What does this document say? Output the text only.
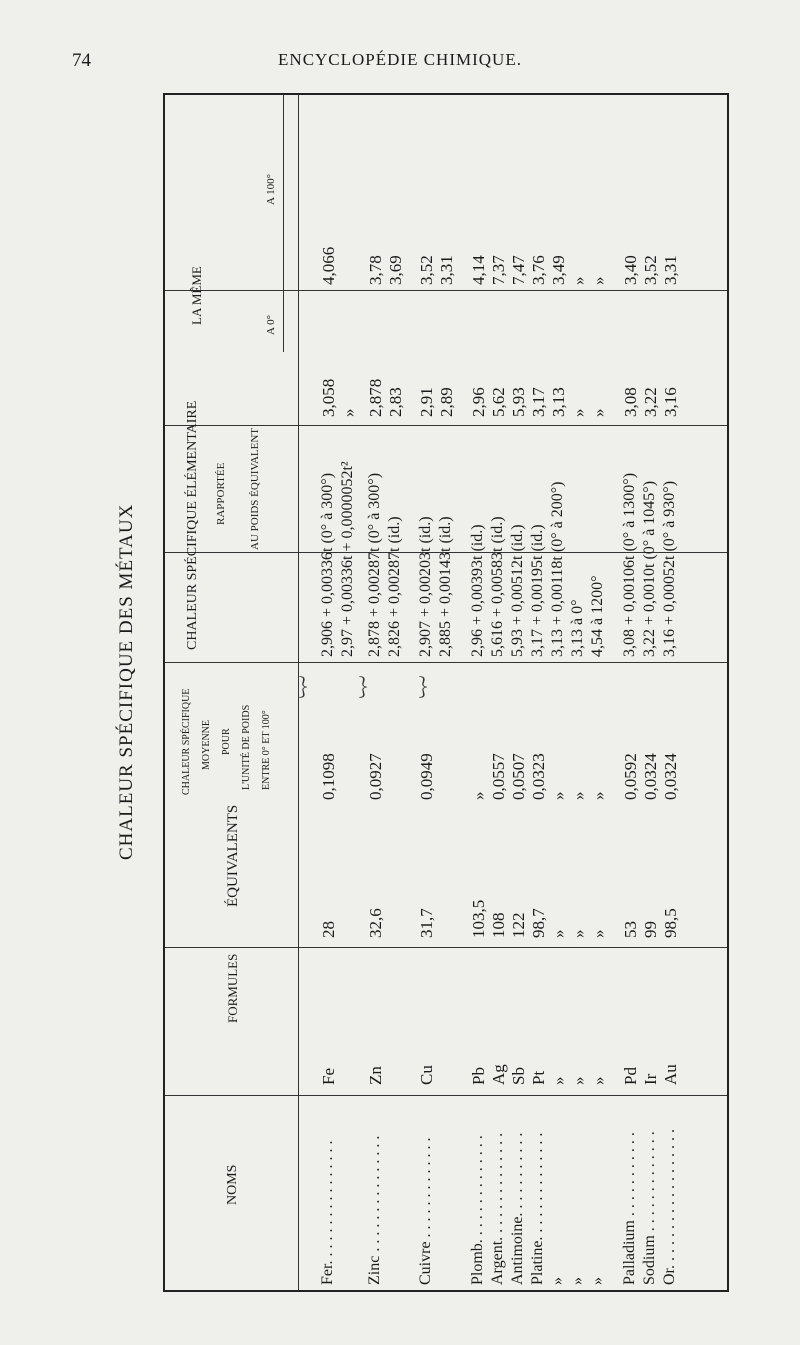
74	ENCYCLOPÉDIE CHIMIQUE.
CHALEUR SPÉCIFIQUE DES MÉTAUX
NOMS
FORMULES
ÉQUIVALENTS
CHALEUR SPÉCIFIQUE MOYENNE POUR L'UNITÉ DE POIDS ENTRE 0° ET 100°
CHALEUR SPÉCIFIQUE ÉLÉMENTAIRE RAPPORTÉE AU POIDS ÉQUIVALENT
LA MÊME	A 0°
A 100°
︸ ︸ ︸
Fer. . . . . . . . . . . . . . . .
Fe
28
0,1098
2,906 + 0,00336t (0° à 300°)
3,058
4,066
2,97 + 0,00336t + 0,0000052t²
»
Zinc . . . . . . . . . . . . . . .
Zn
32,6
0,0927
2,878 + 0,00287t (0° à 300°)
2,878
3,78
2,826 + 0,00287t (id.)
2,83
3,69
Cuivre . . . . . . . . . . . . .
Cu
31,7
0,0949
2,907 + 0,00203t (id.)
2,91
3,52
2,885 + 0,00143t (id.)
2,89
3,31
Plomb. . . . . . . . . . . . . .
Pb
103,5
»
2,96 + 0,00393t (id.)
2,96
4,14
Argent. . . . . . . . . . . . . .
Ag
108
0,0557
5,616 + 0,00583t (id.)
5,62
7,37
Antimoine. . . . . . . . . . .
Sb
122
0,0507
5,93 + 0,00512t (id.)
5,93
7,47
Platine. . . . . . . . . . . . . .
Pt
98,7
0,0323
3,17 + 0,00195t (id.)
3,17
3,76
»
»
»
»
3,13 + 0,00118t (0° à 200°)
3,13
3,49
»
»
»
»
3,13 à 0°
»
»
»
»
»
»
4,54 à 1200°
»
»
Palladium . . . . . . . . . . .
Pd
53
0,0592
3,08 + 0,00106t (0° à 1300°)
3,08
3,40
Sodium . . . . . . . . . . . . .
Ir
99
0,0324
3,22 + 0,0010t (0° à 1045°)
3,22
3,52
Or. . . . . . . . . . . . . . . . . .
Au
98,5
0,0324
3,16 + 0,00052t (0° à 930°)
3,16
3,31
